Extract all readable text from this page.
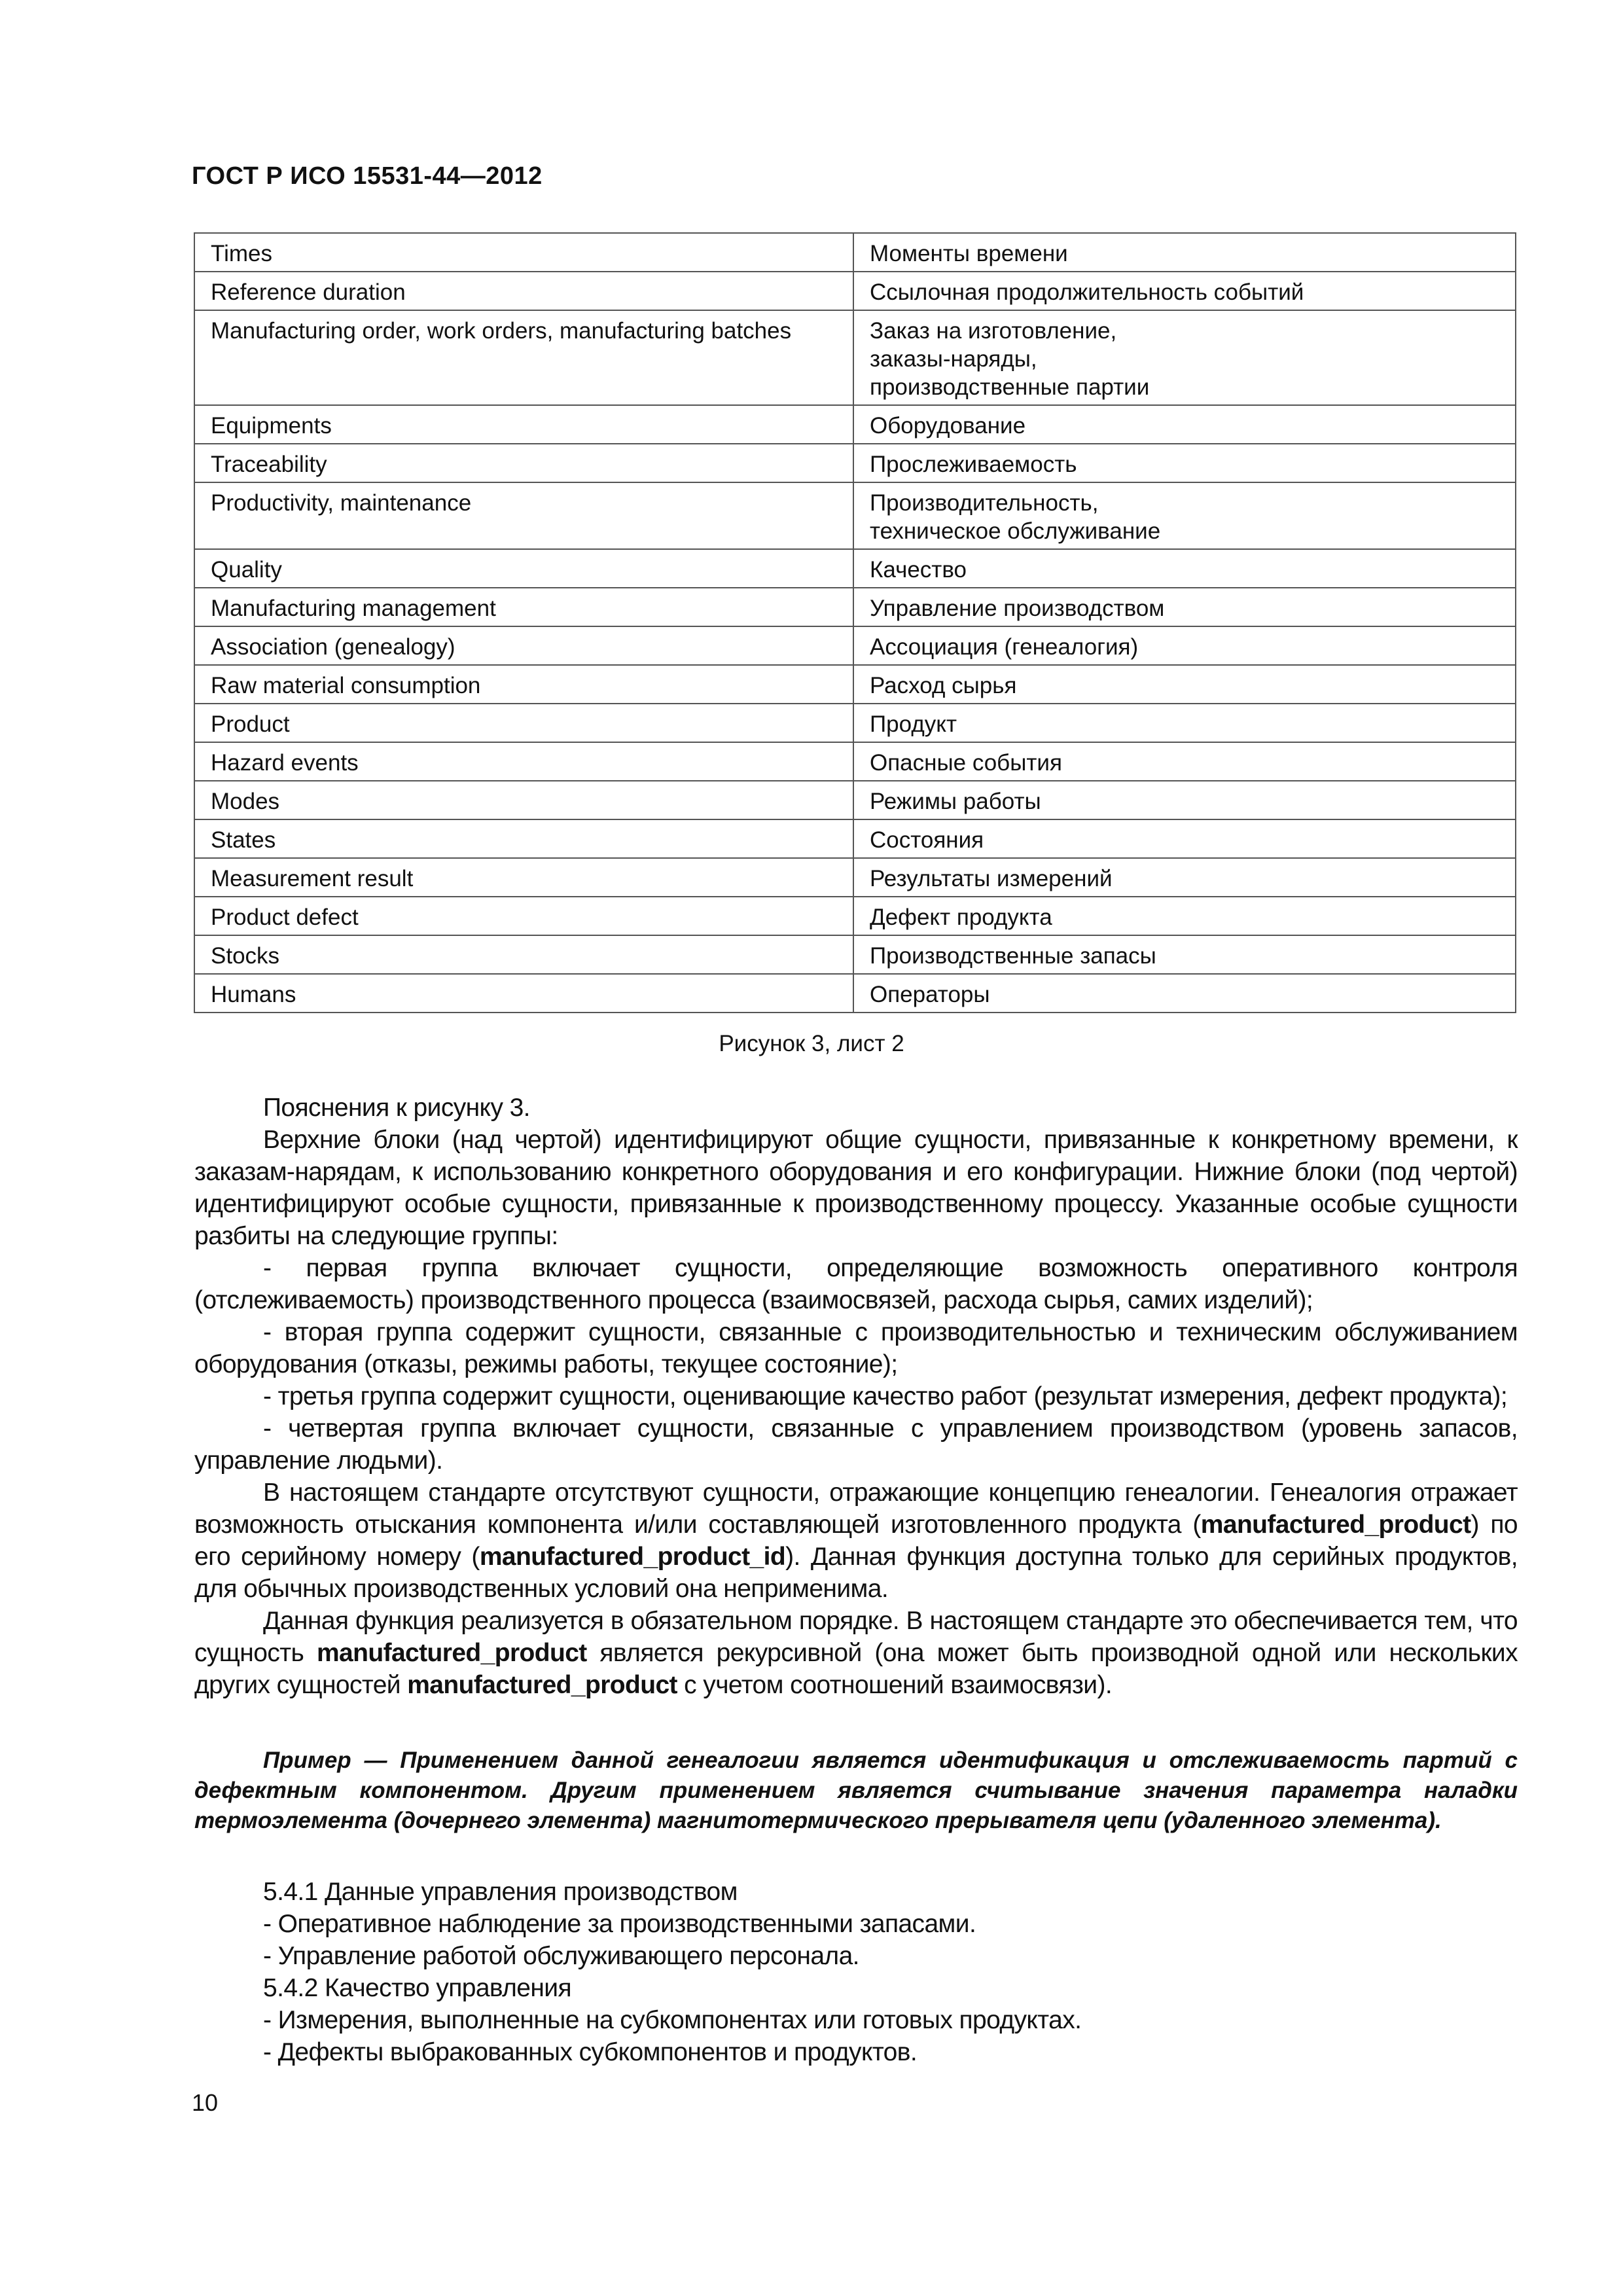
ГОСТ Р ИСО 15531-44—2012
Times	Моменты времени
Reference duration	Ссылочная продолжительность событий
Manufacturing order, work orders, manufacturing batches	Заказ на изготовление,
заказы-наряды,
производственные партии
Equipments	Оборудование
Traceability	Прослеживаемость
Productivity, maintenance	Производительность,
техническое обслуживание
Quality	Качество
Manufacturing management	Управление производством
Association (genealogy)	Ассоциация (генеалогия)
Raw material consumption	Расход сырья
Product	Продукт
Hazard events	Опасные события
Modes	Режимы работы
States	Состояния
Measurement result	Результаты измерений
Product defect	Дефект продукта
Stocks	Производственные запасы
Humans	Операторы
Рисунок 3, лист 2

Пояснения к рисунку 3.

Верхние блоки (над чертой) идентифицируют общие сущности, привязанные к конкретному времени, к заказам-нарядам, к использованию конкретного оборудования и его конфигурации. Нижние блоки (под чертой) идентифицируют особые сущности, привязанные к производственному процессу. Указанные особые сущности разбиты на следующие группы:

- первая группа включает сущности, определяющие возможность оперативного контроля (отслеживаемость) производственного процесса (взаимосвязей, расхода сырья, самих изделий);

- вторая группа содержит сущности, связанные с производительностью и техническим обслуживанием оборудования (отказы, режимы работы, текущее состояние);

- третья группа содержит сущности, оценивающие качество работ (результат измерения, дефект продукта);

- четвертая группа включает сущности, связанные с управлением производством (уровень запасов, управление людьми).

В настоящем стандарте отсутствуют сущности, отражающие концепцию генеалогии. Генеалогия отражает возможность отыскания компонента и/или составляющей изготовленного продукта (manufactured_product) по его серийному номеру (manufactured_product_id). Данная функция доступна только для серийных продуктов, для обычных производственных условий она неприменима.

Данная функция реализуется в обязательном порядке. В настоящем стандарте это обеспечивается тем, что сущность manufactured_product является рекурсивной (она может быть производной одной или нескольких других сущностей manufactured_product с учетом соотношений взаимосвязи).

Пример — Применением данной генеалогии является идентификация и отслеживаемость партий с дефектным компонентом. Другим применением является считывание значения параметра наладки термоэлемента (дочернего элемента) магнитотермического прерывателя цепи (удаленного элемента).
5.4.1 Данные управления производством
- Оперативное наблюдение за производственными запасами.
- Управление работой обслуживающего персонала.
5.4.2 Качество управления
- Измерения, выполненные на субкомпонентах или готовых продуктах.
- Дефекты выбракованных субкомпонентов и продуктов.
10
